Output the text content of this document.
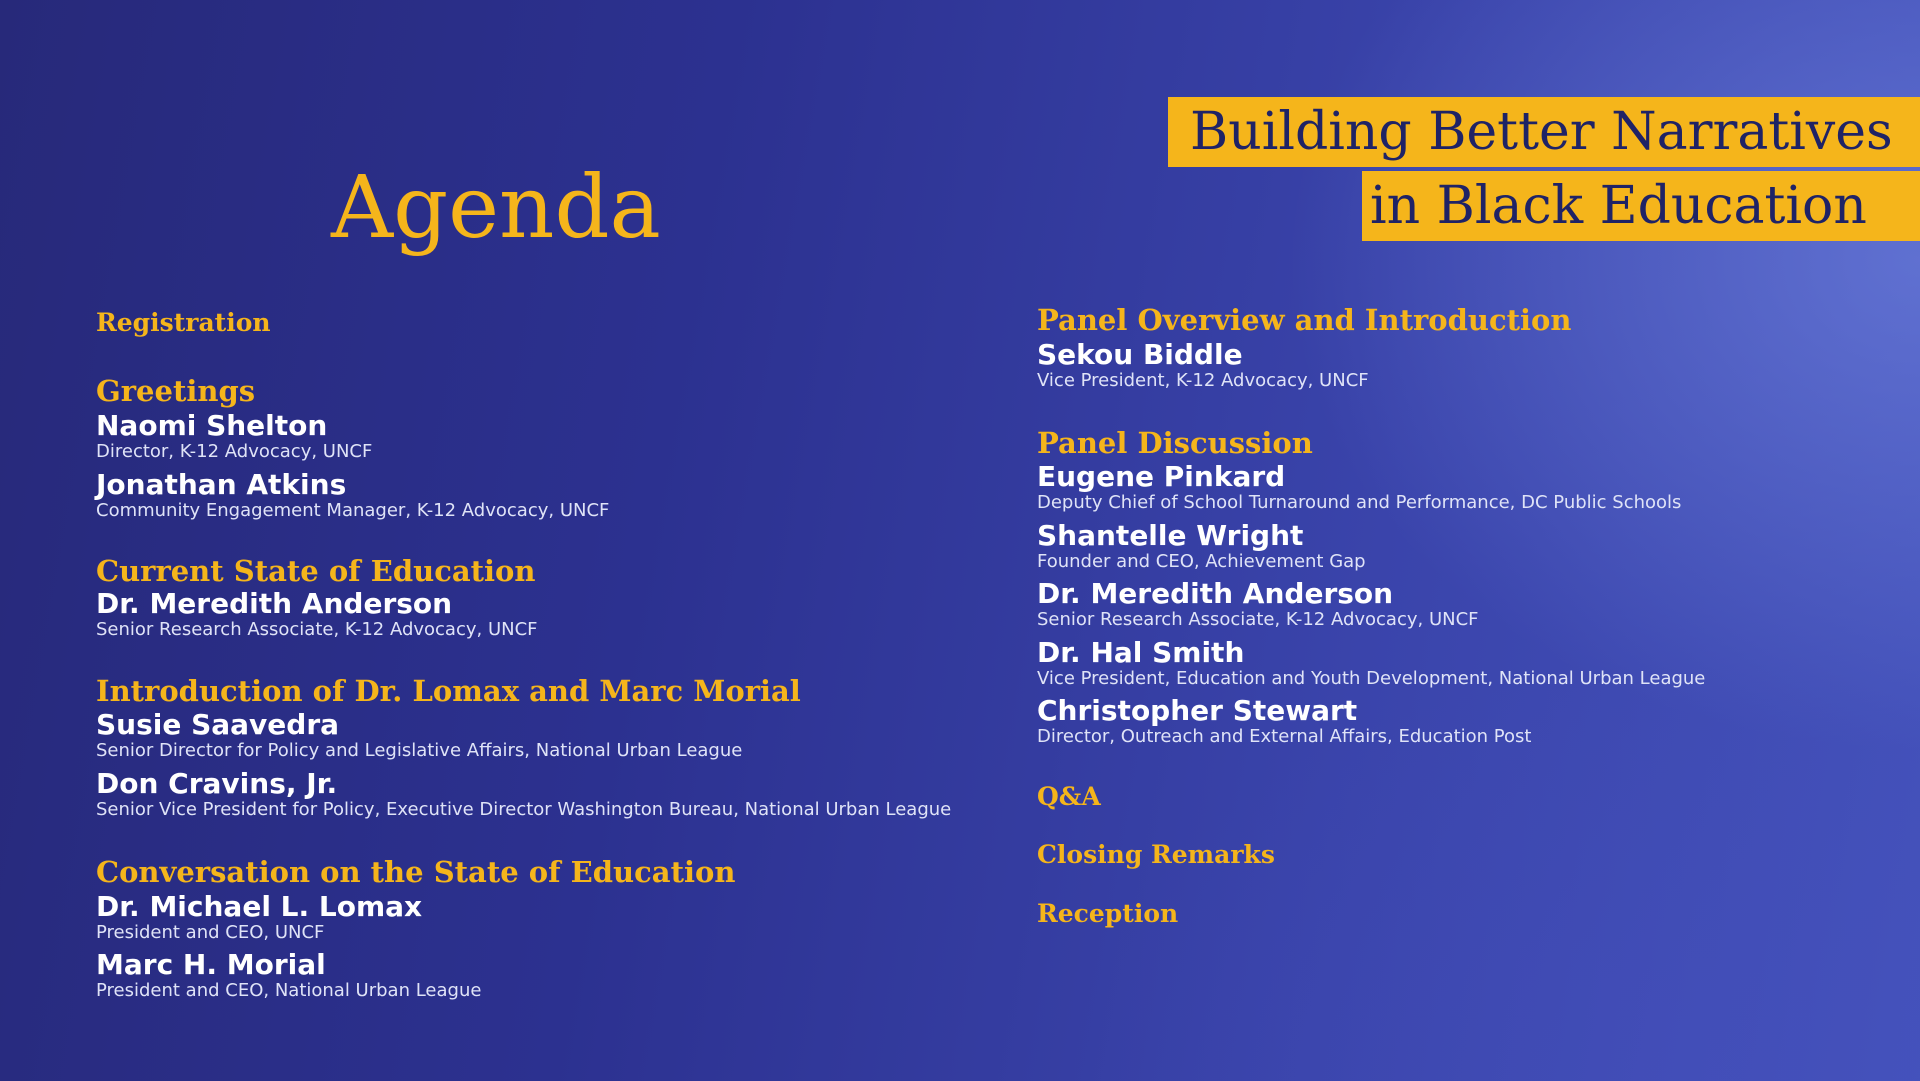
Building Better Narratives
in Black Education
Agenda
Registration
Greetings
Naomi Shelton
Director, K-12 Advocacy, UNCF
Jonathan Atkins
Community Engagement Manager, K-12 Advocacy, UNCF
Current State of Education
Dr. Meredith Anderson
Senior Research Associate, K-12 Advocacy, UNCF
Introduction of Dr. Lomax and Marc Morial
Susie Saavedra
Senior Director for Policy and Legislative Affairs, National Urban League
Don Cravins, Jr.
Senior Vice President for Policy, Executive Director Washington Bureau, National Urban League
Conversation on the State of Education
Dr. Michael L. Lomax
President and CEO, UNCF
Marc H. Morial
President and CEO, National Urban League
Panel Overview and Introduction
Sekou Biddle
Vice President, K-12 Advocacy, UNCF
Panel Discussion
Eugene Pinkard
Deputy Chief of School Turnaround and Performance, DC Public Schools
Shantelle Wright
Founder and CEO, Achievement Gap
Dr. Meredith Anderson
Senior Research Associate, K-12 Advocacy, UNCF
Dr. Hal Smith
Vice President, Education and Youth Development, National Urban League
Christopher Stewart
Director, Outreach and External Affairs, Education Post
Q&A
Closing Remarks
Reception
